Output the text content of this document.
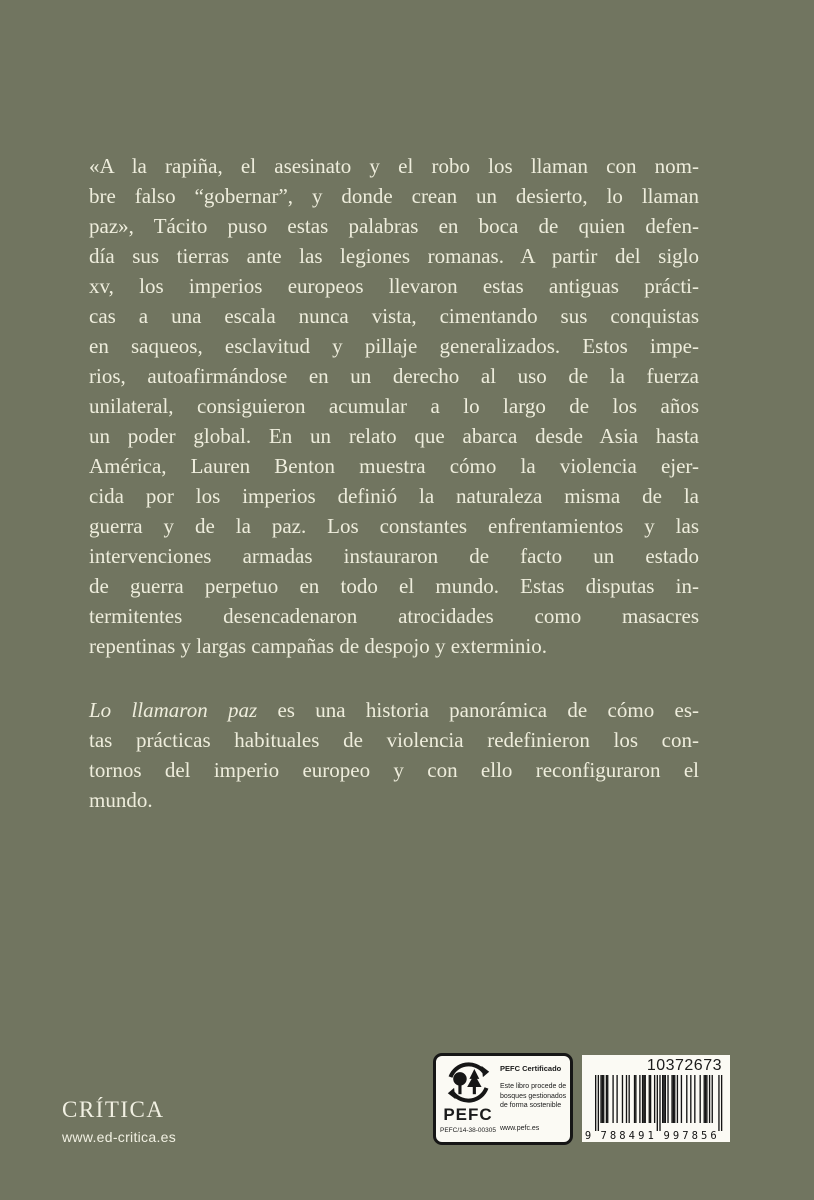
«A la rapiña, el asesinato y el robo los llaman con nom-
bre falso “gobernar”, y donde crean un desierto, lo llaman
paz», Tácito puso estas palabras en boca de quien defen-
día sus tierras ante las legiones romanas. A partir del siglo
xv, los imperios europeos llevaron estas antiguas prácti-
cas a una escala nunca vista, cimentando sus conquistas
en saqueos, esclavitud y pillaje generalizados. Estos impe-
rios, autoafirmándose en un derecho al uso de la fuerza
unilateral, consiguieron acumular a lo largo de los años
un poder global. En un relato que abarca desde Asia hasta
América, Lauren Benton muestra cómo la violencia ejer-
cida por los imperios definió la naturaleza misma de la
guerra y de la paz. Los constantes enfrentamientos y las
intervenciones armadas instauraron de facto un estado
de guerra perpetuo en todo el mundo. Estas disputas in-
termitentes desencadenaron atrocidades como masacres
repentinas y largas campañas de despojo y exterminio.
Lo llamaron paz es una historia panorámica de cómo es-
tas prácticas habituales de violencia redefinieron los con-
tornos del imperio europeo y con ello reconfiguraron el
mundo.
CRÍTICA
www.ed-critica.es
PEFC
PEFC/14-38-00305
PEFC Certificado
Este libro procede de bosques gestionados de forma sostenible
www.pefc.es
10372673
9 7 8 8 4 9 1 9 9 7 8 5 6
